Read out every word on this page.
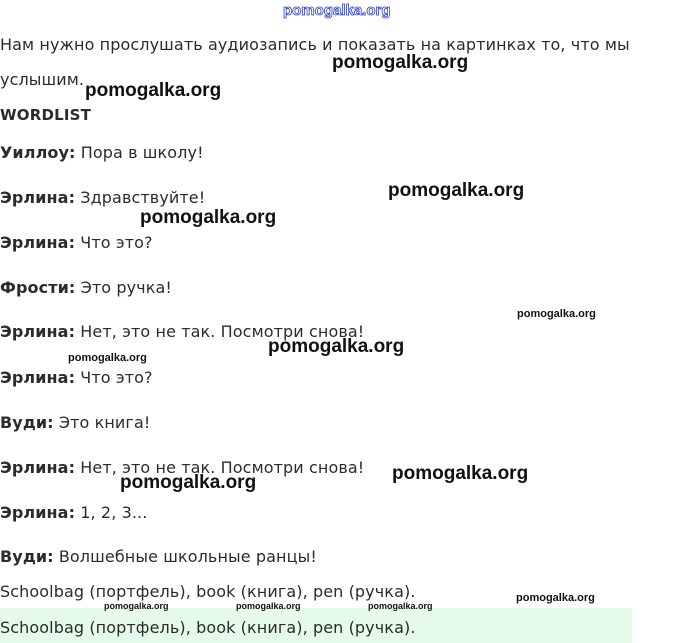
pomogalka.org
Нам нужно прослушать аудиозапись и показать на картинках то, что мы
услышим.
WORDLIST
Уиллоу: Пора в школу!
Эрлина: Здравствуйте!
Эрлина: Что это?
Фрости: Это ручка!
Эрлина: Нет, это не так. Посмотри снова!
Эрлина: Что это?
Вуди: Это книга!
Эрлина: Нет, это не так. Посмотри снова!
Эрлина: 1, 2, 3...
Вуди: Волшебные школьные ранцы!
Schoolbag (портфель), book (книга), pen (ручка).
Schoolbag (портфель), book (книга), pen (ручка).
pomogalka.org
pomogalka.org
pomogalka.org
pomogalka.org
pomogalka.org
pomogalka.org
pomogalka.org
pomogalka.org
pomogalka.org
pomogalka.org
pomogalka.org	pomogalka.org	pomogalka.org
